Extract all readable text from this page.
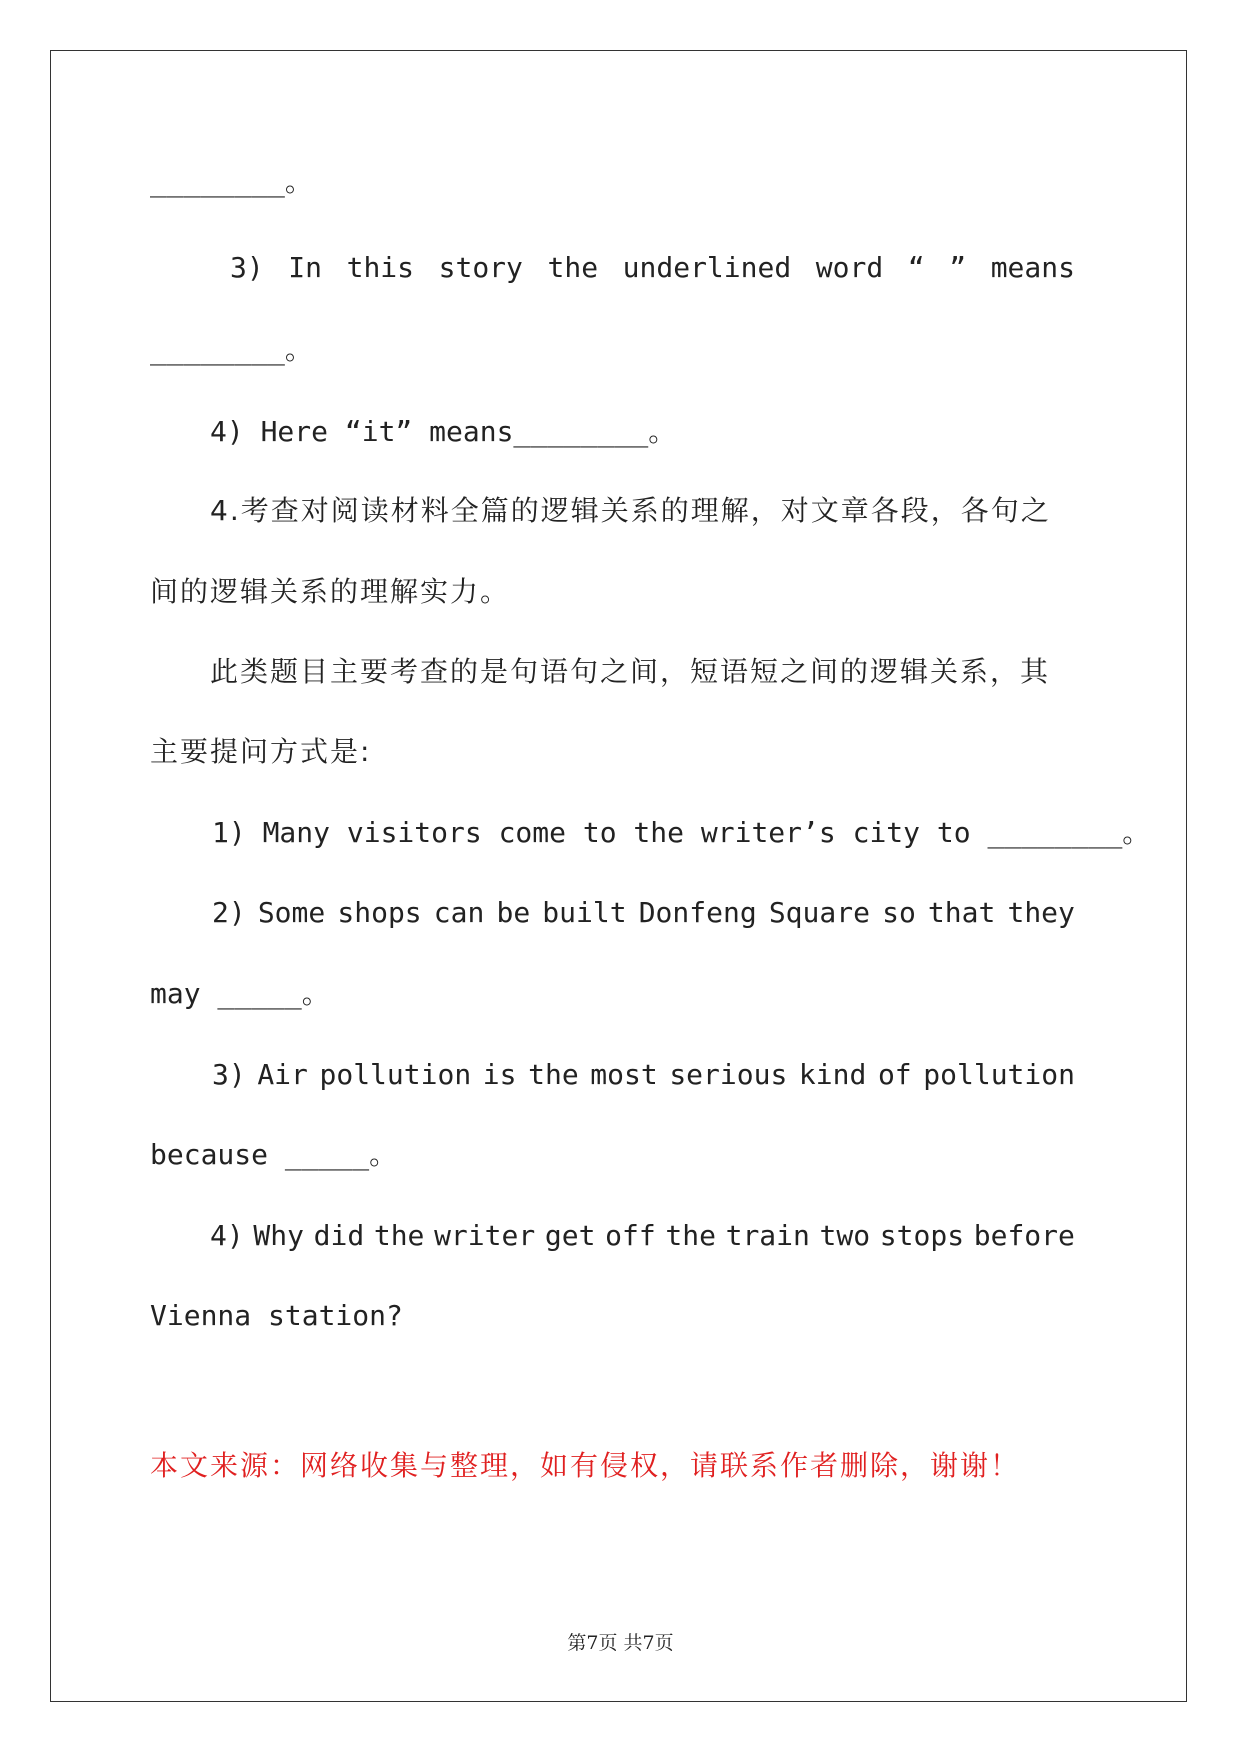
________。
3) In this story the underlined word “ ” means
________。
4) Here “it” means________。
4.考查对阅读材料全篇的逻辑关系的理解，对文章各段，各句之
间的逻辑关系的理解实力。
此类题目主要考查的是句语句之间，短语短之间的逻辑关系，其
主要提问方式是:
1) Many visitors come to the writer’s city to ________。
2) Some shops can be built Donfeng Square so that they
may _____。
3) Air pollution is the most serious kind of pollution
because _____。
4) Why did the writer get off the train two stops before
Vienna station?
本文来源：网络收集与整理，如有侵权，请联系作者删除，谢谢！
第7页 共7页
